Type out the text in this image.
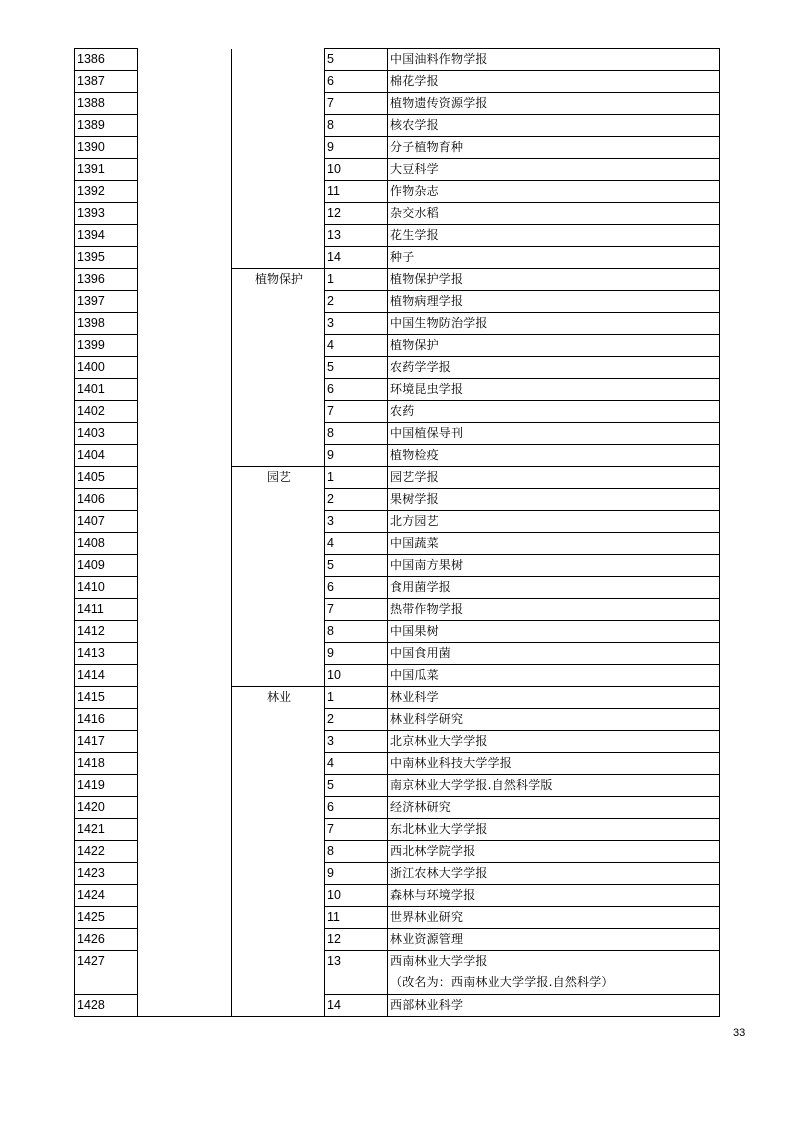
1386			5	中国油料作物学报
1387			6	棉花学报
1388			7	植物遗传资源学报
1389			8	核农学报
1390			9	分子植物育种
1391			10	大豆科学
1392			11	作物杂志
1393			12	杂交水稻
1394			13	花生学报
1395			14	种子
1396		植物保护	1	植物保护学报
1397			2	植物病理学报
1398			3	中国生物防治学报
1399			4	植物保护
1400			5	农药学学报
1401			6	环境昆虫学报
1402			7	农药
1403			8	中国植保导刊
1404			9	植物检疫
1405		园艺	1	园艺学报
1406			2	果树学报
1407			3	北方园艺
1408			4	中国蔬菜
1409			5	中国南方果树
1410			6	食用菌学报
1411			7	热带作物学报
1412			8	中国果树
1413			9	中国食用菌
1414			10	中国瓜菜
1415		林业	1	林业科学
1416			2	林业科学研究
1417			3	北京林业大学学报
1418			4	中南林业科技大学学报
1419			5	南京林业大学学报.自然科学版
1420			6	经济林研究
1421			7	东北林业大学学报
1422			8	西北林学院学报
1423			9	浙江农林大学学报
1424			10	森林与环境学报
1425			11	世界林业研究
1426			12	林业资源管理
1427			13	西南林业大学学报
（改名为：西南林业大学学报.自然科学）

1428			14	西部林业科学
33
